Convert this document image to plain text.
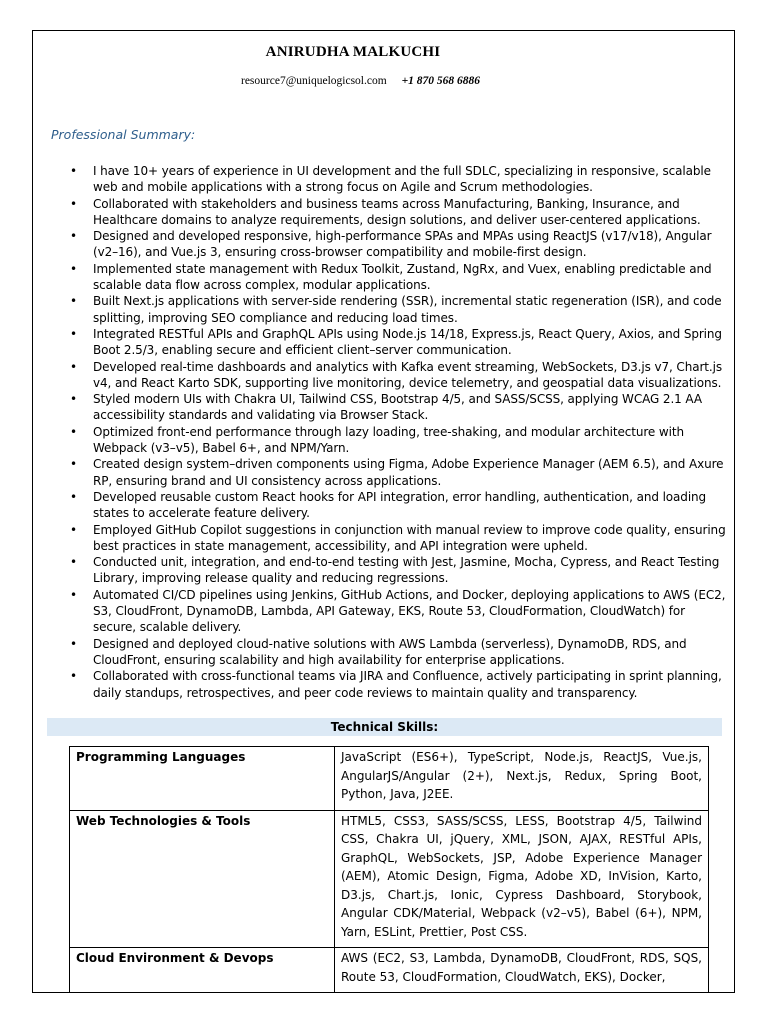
ANIRUDHA MALKUCHI
resource7@uniquelogicsol.com +1 870 568 6886
Professional Summary:
• I have 10+ years of experience in UI development and the full SDLC, specializing in responsive, scalable web and mobile applications with a strong focus on Agile and Scrum methodologies.
• Collaborated with stakeholders and business teams across Manufacturing, Banking, Insurance, and Healthcare domains to analyze requirements, design solutions, and deliver user-centered applications.
• Designed and developed responsive, high-performance SPAs and MPAs using ReactJS (v17/v18), Angular (v2–16), and Vue.js 3, ensuring cross-browser compatibility and mobile-first design.
• Implemented state management with Redux Toolkit, Zustand, NgRx, and Vuex, enabling predictable and scalable data flow across complex, modular applications.
• Built Next.js applications with server-side rendering (SSR), incremental static regeneration (ISR), and code splitting, improving SEO compliance and reducing load times.
• Integrated RESTful APIs and GraphQL APIs using Node.js 14/18, Express.js, React Query, Axios, and Spring Boot 2.5/3, enabling secure and efficient client–server communication.
• Developed real-time dashboards and analytics with Kafka event streaming, WebSockets, D3.js v7, Chart.js v4, and React Karto SDK, supporting live monitoring, device telemetry, and geospatial data visualizations.
• Styled modern UIs with Chakra UI, Tailwind CSS, Bootstrap 4/5, and SASS/SCSS, applying WCAG 2.1 AA accessibility standards and validating via Browser Stack.
• Optimized front-end performance through lazy loading, tree-shaking, and modular architecture with Webpack (v3–v5), Babel 6+, and NPM/Yarn.
• Created design system–driven components using Figma, Adobe Experience Manager (AEM 6.5), and Axure RP, ensuring brand and UI consistency across applications.
• Developed reusable custom React hooks for API integration, error handling, authentication, and loading states to accelerate feature delivery.
• Employed GitHub Copilot suggestions in conjunction with manual review to improve code quality, ensuring best practices in state management, accessibility, and API integration were upheld.
• Conducted unit, integration, and end-to-end testing with Jest, Jasmine, Mocha, Cypress, and React Testing Library, improving release quality and reducing regressions.
• Automated CI/CD pipelines using Jenkins, GitHub Actions, and Docker, deploying applications to AWS (EC2, S3, CloudFront, DynamoDB, Lambda, API Gateway, EKS, Route 53, CloudFormation, CloudWatch) for secure, scalable delivery.
• Designed and deployed cloud-native solutions with AWS Lambda (serverless), DynamoDB, RDS, and CloudFront, ensuring scalability and high availability for enterprise applications.
• Collaborated with cross-functional teams via JIRA and Confluence, actively participating in sprint planning, daily standups, retrospectives, and peer code reviews to maintain quality and transparency.
Technical Skills:
Programming Languages	JavaScript (ES6+), TypeScript, Node.js, ReactJS, Vue.js, AngularJS/Angular (2+), Next.js, Redux, Spring Boot, Python, Java, J2EE.
Web Technologies & Tools	HTML5, CSS3, SASS/SCSS, LESS, Bootstrap 4/5, Tailwind CSS, Chakra UI, jQuery, XML, JSON, AJAX, RESTful APIs, GraphQL, WebSockets, JSP, Adobe Experience Manager (AEM), Atomic Design, Figma, Adobe XD, InVision, Karto, D3.js, Chart.js, Ionic, Cypress Dashboard, Storybook, Angular CDK/Material, Webpack (v2–v5), Babel (6+), NPM, Yarn, ESLint, Prettier, Post CSS.
Cloud Environment & Devops	AWS (EC2, S3, Lambda, DynamoDB, CloudFront, RDS, SQS, Route 53, CloudFormation, CloudWatch, EKS), Docker,
